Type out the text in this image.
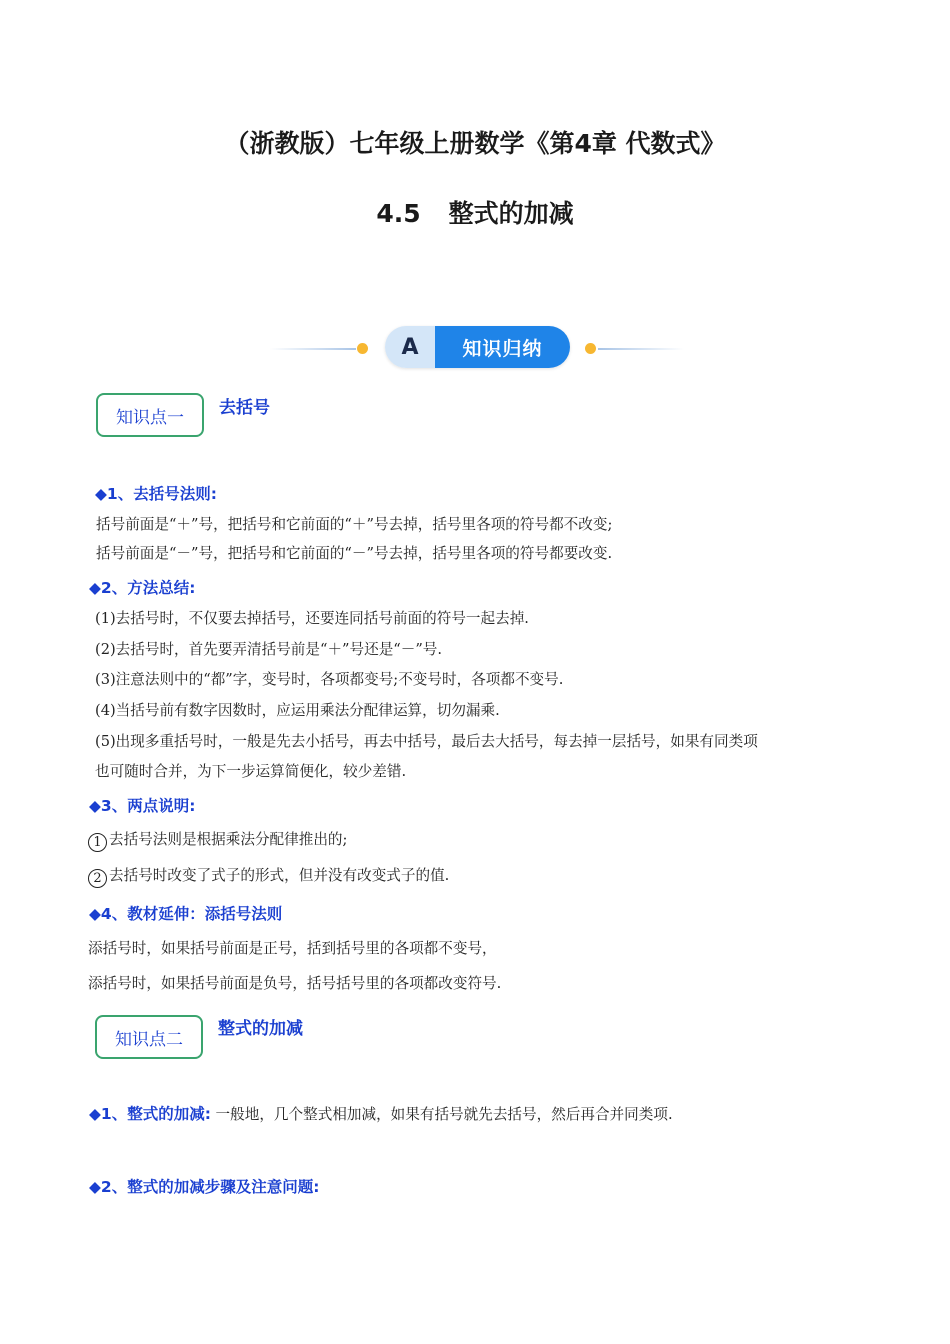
（浙教版）七年级上册数学《第4章 代数式》
4.5 整式的加减
A	知识归纳
知识点一	去括号
◆1、去括号法则:
括号前面是“＋”号，把括号和它前面的“＋”号去掉，括号里各项的符号都不改变;
括号前面是“－”号，把括号和它前面的“－”号去掉，括号里各项的符号都要改变.
◆2、方法总结:
(1)去括号时，不仅要去掉括号，还要连同括号前面的符号一起去掉.
(2)去括号时，首先要弄清括号前是“＋”号还是“－”号.
(3)注意法则中的“都”字，变号时，各项都变号;不变号时，各项都不变号.
(4)当括号前有数字因数时，应运用乘法分配律运算，切勿漏乘.
(5)出现多重括号时，一般是先去小括号，再去中括号，最后去大括号，每去掉一层括号，如果有同类项
也可随时合并，为下一步运算简便化，较少差错.
◆3、两点说明:
1 去括号法则是根据乘法分配律推出的;
2 去括号时改变了式子的形式，但并没有改变式子的值.
◆4、教材延伸：添括号法则
添括号时，如果括号前面是正号，括到括号里的各项都不变号，
添括号时，如果括号前面是负号，括号括号里的各项都改变符号.
知识点二
整式的加减
◆1、整式的加减: 一般地，几个整式相加减，如果有括号就先去括号，然后再合并同类项.
◆2、整式的加减步骤及注意问题:
